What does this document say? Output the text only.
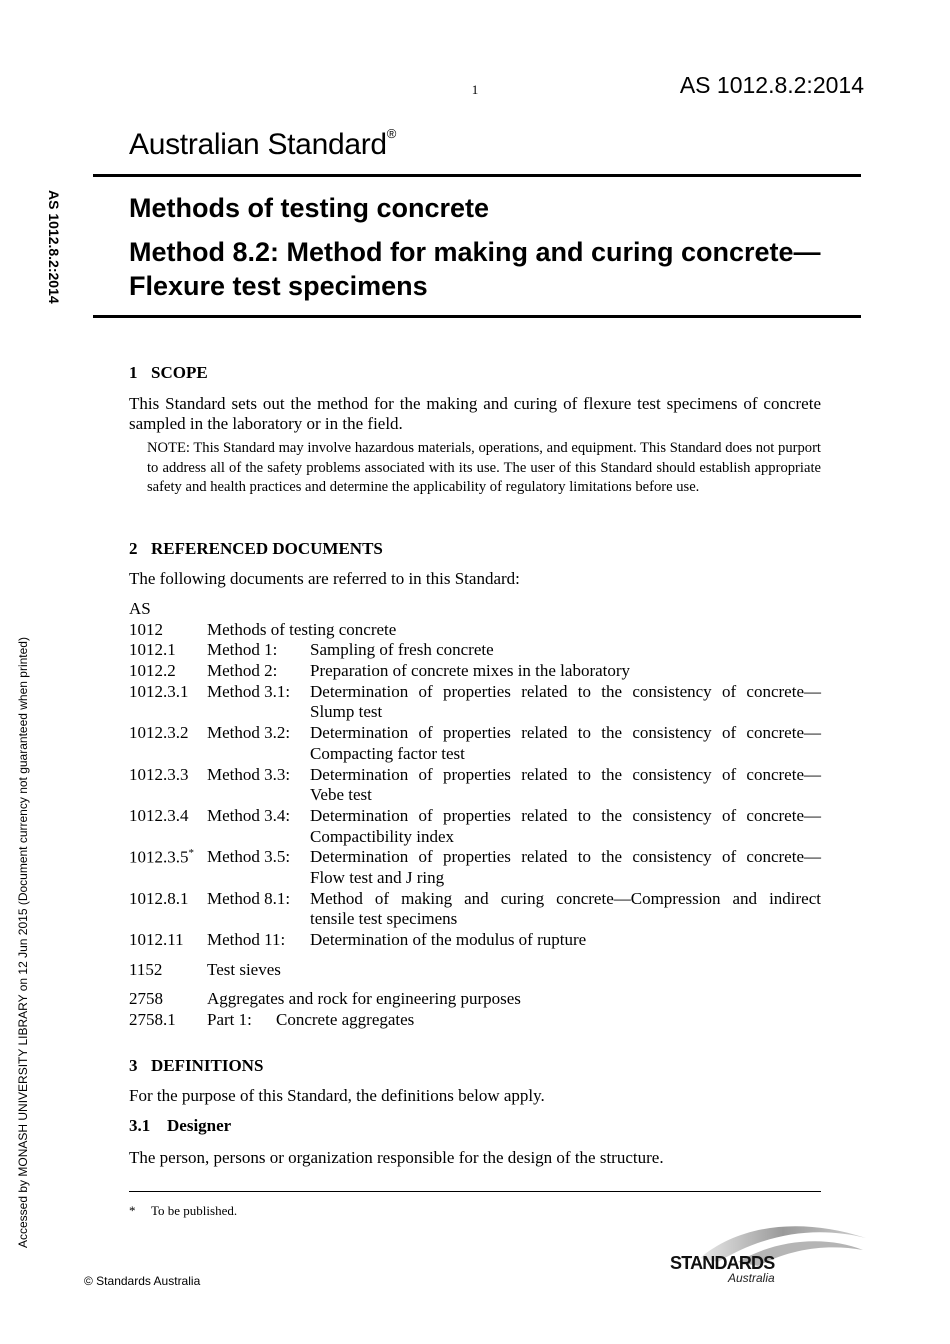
1	AS 1012.8.2:2014
Australian Standard®
AS 1012.8.2:2014 Methods of testing concrete
Method 8.2: Method for making and curing concrete—Flexure test specimens
Accessed by MONASH UNIVERSITY LIBRARY on 12 Jun 2015 (Document currency not guaranteed when printed)
1 SCOPE
This Standard sets out the method for the making and curing of flexure test specimens of concrete sampled in the laboratory or in the field.
NOTE: This Standard may involve hazardous materials, operations, and equipment. This Standard does not purport to address all of the safety problems associated with its use. The user of this Standard should establish appropriate safety and health practices and determine the applicability of regulatory limitations before use.
2 REFERENCED DOCUMENTS
The following documents are referred to in this Standard:
AS
1012	Methods of testing concrete
1012.1 Method 1: Sampling of fresh concrete
1012.2 Method 2: Preparation of concrete mixes in the laboratory
1012.3.1 Method 3.1: Determination of properties related to the consistency of concrete—
Slump test
1012.3.2 Method 3.2: Determination of properties related to the consistency of concrete—
Compacting factor test
1012.3.3 Method 3.3: Determination of properties related to the consistency of concrete—
Vebe test
1012.3.4 Method 3.4: Determination of properties related to the consistency of concrete—
Compactibility index
1012.3.5* Method 3.5: Determination of properties related to the consistency of concrete—
Flow test and J ring
1012.8.1 Method 8.1: Method of making and curing concrete—Compression and indirect
tensile test specimens
1012.11 Method 11: Determination of the modulus of rupture
1152	Test sieves
2758	Aggregates and rock for engineering purposes
2758.1 Part 1: Concrete aggregates
3 DEFINITIONS
For the purpose of this Standard, the definitions below apply.
3.1 Designer
The person, persons or organization responsible for the design of the structure.
* To be published.
© Standards Australia
STANDARDS
Australia
